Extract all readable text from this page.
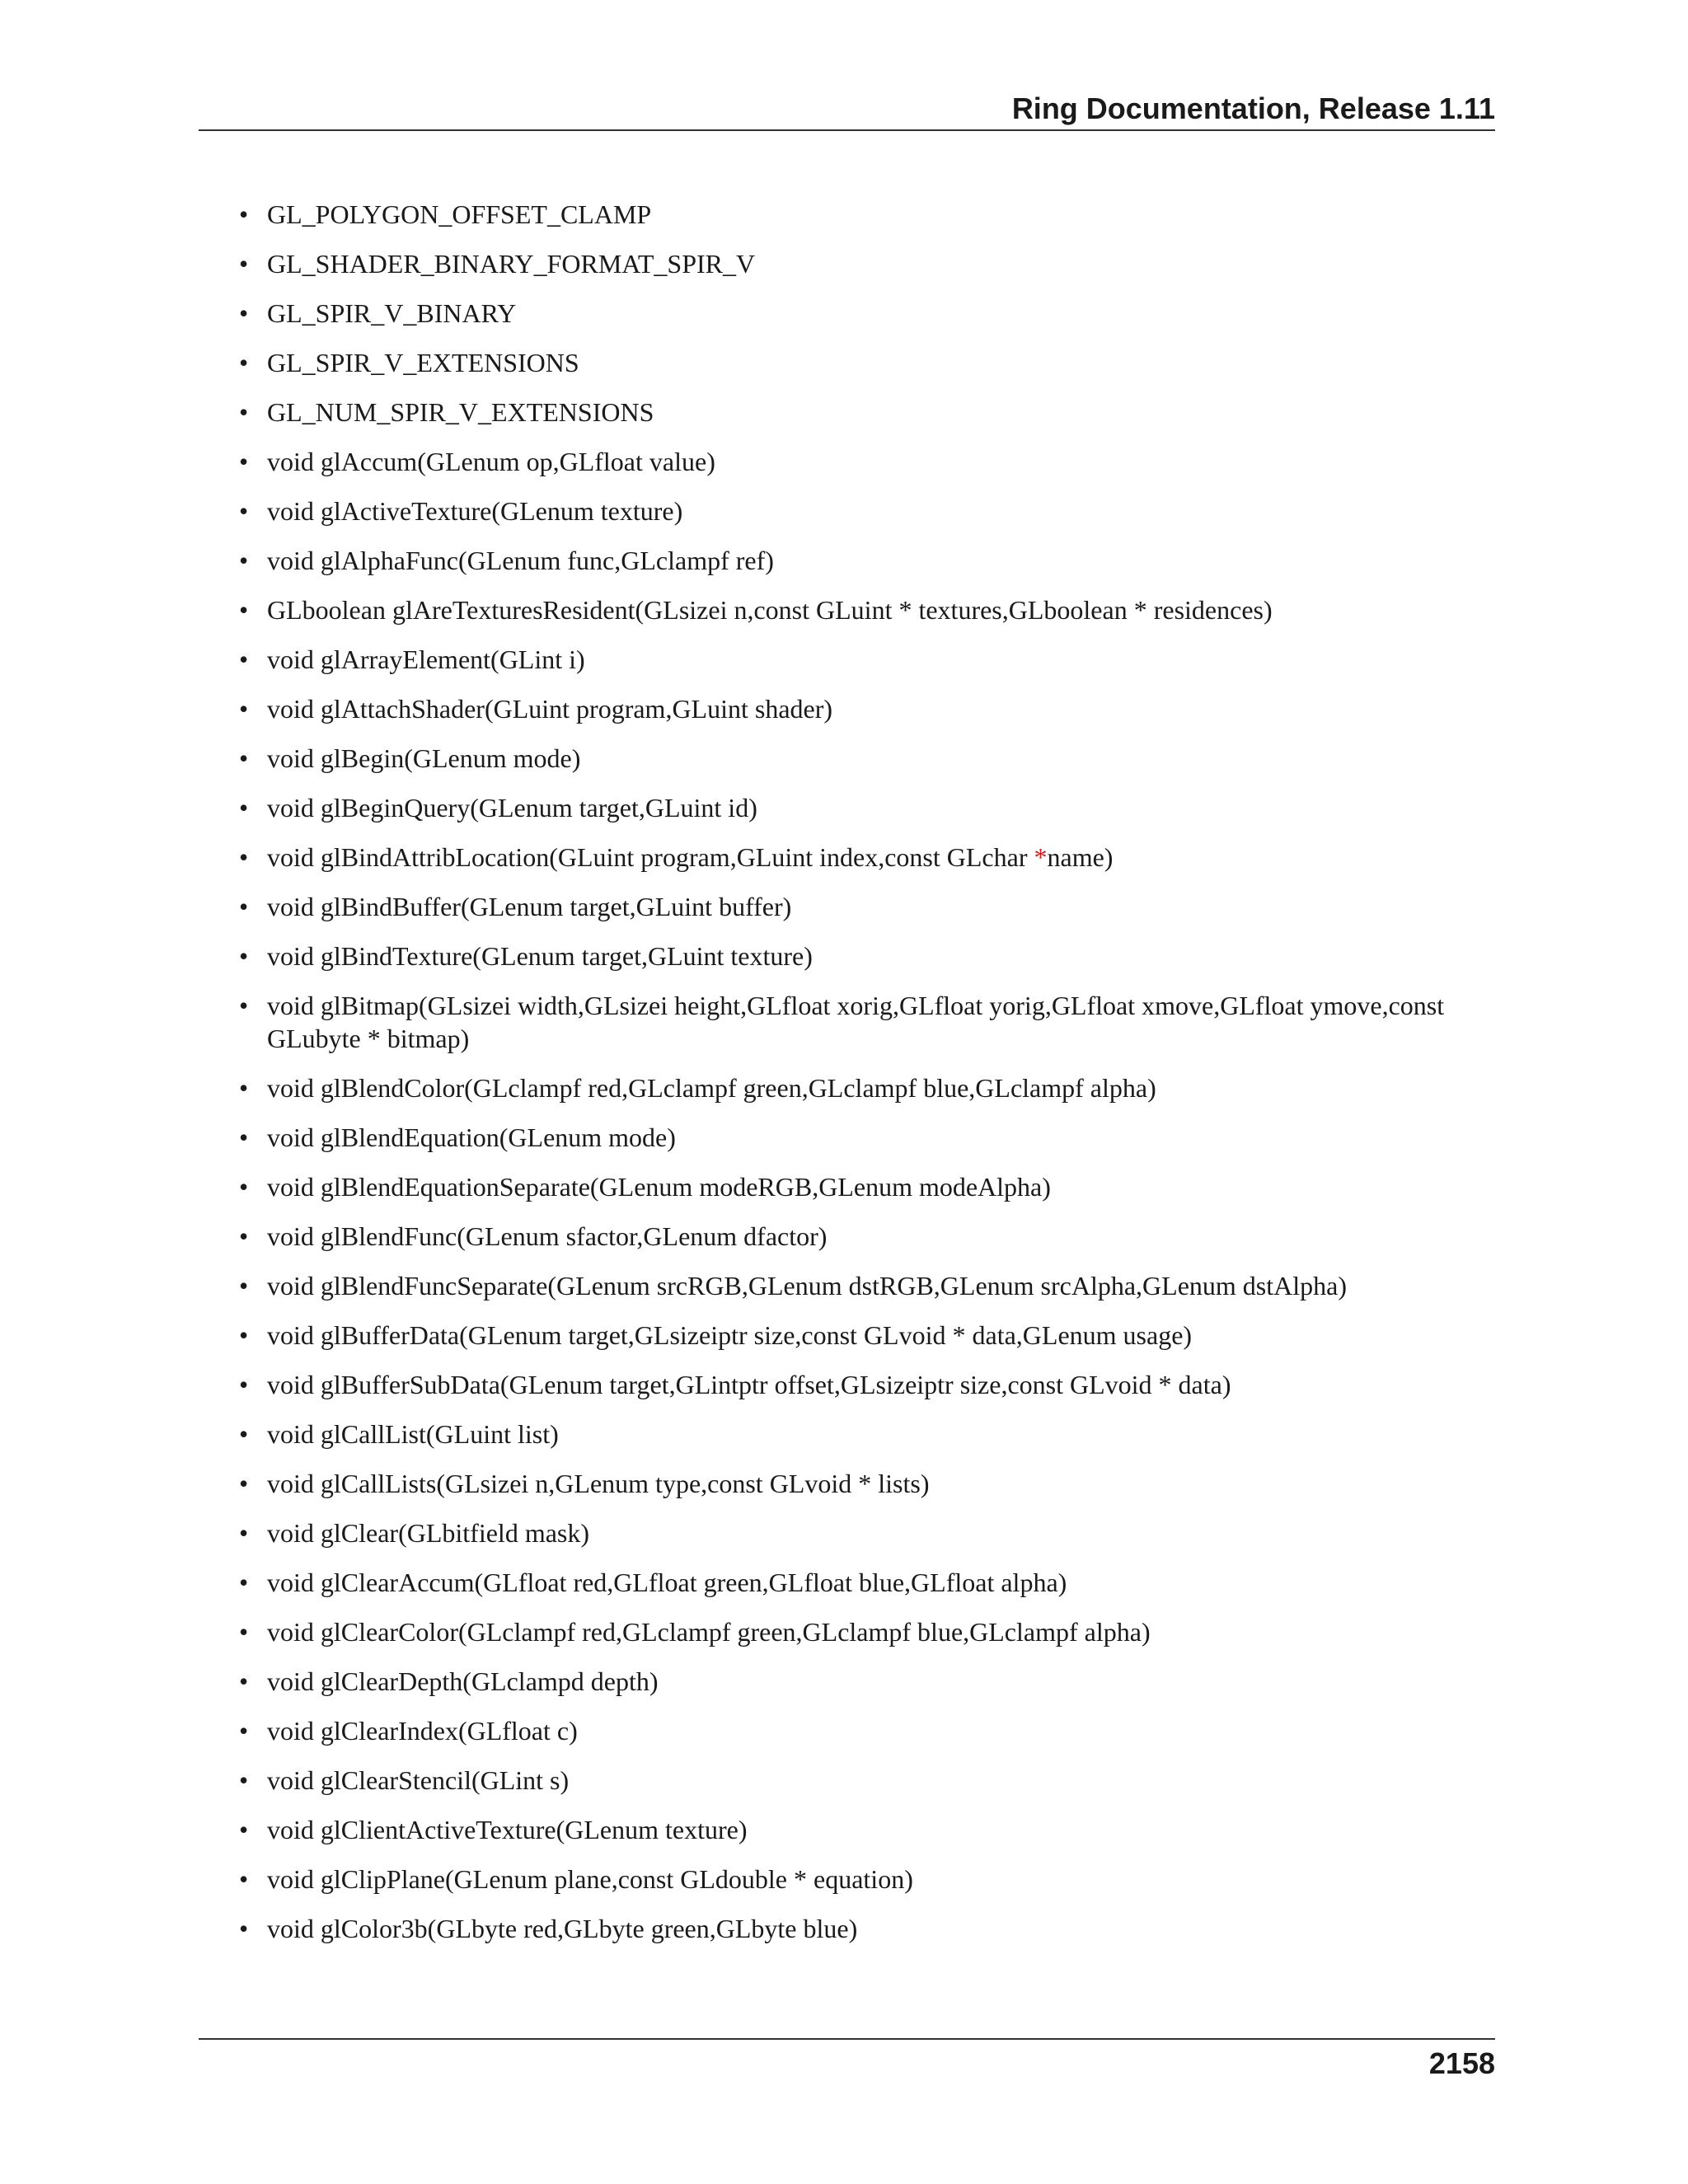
Ring Documentation, Release 1.11
• GL_POLYGON_OFFSET_CLAMP
• GL_SHADER_BINARY_FORMAT_SPIR_V
• GL_SPIR_V_BINARY
• GL_SPIR_V_EXTENSIONS
• GL_NUM_SPIR_V_EXTENSIONS
• void glAccum(GLenum op,GLfloat value)
• void glActiveTexture(GLenum texture)
• void glAlphaFunc(GLenum func,GLclampf ref)
• GLboolean glAreTexturesResident(GLsizei n,const GLuint * textures,GLboolean * residences)
• void glArrayElement(GLint i)
• void glAttachShader(GLuint program,GLuint shader)
• void glBegin(GLenum mode)
• void glBeginQuery(GLenum target,GLuint id)
• void glBindAttribLocation(GLuint program,GLuint index,const GLchar *name)
• void glBindBuffer(GLenum target,GLuint buffer)
• void glBindTexture(GLenum target,GLuint texture)
• void glBitmap(GLsizei width,GLsizei height,GLfloat xorig,GLfloat yorig,GLfloat xmove,GLfloat ymove,const GLubyte * bitmap)
• void glBlendColor(GLclampf red,GLclampf green,GLclampf blue,GLclampf alpha)
• void glBlendEquation(GLenum mode)
• void glBlendEquationSeparate(GLenum modeRGB,GLenum modeAlpha)
• void glBlendFunc(GLenum sfactor,GLenum dfactor)
• void glBlendFuncSeparate(GLenum srcRGB,GLenum dstRGB,GLenum srcAlpha,GLenum dstAlpha)
• void glBufferData(GLenum target,GLsizeiptr size,const GLvoid * data,GLenum usage)
• void glBufferSubData(GLenum target,GLintptr offset,GLsizeiptr size,const GLvoid * data)
• void glCallList(GLuint list)
• void glCallLists(GLsizei n,GLenum type,const GLvoid * lists)
• void glClear(GLbitfield mask)
• void glClearAccum(GLfloat red,GLfloat green,GLfloat blue,GLfloat alpha)
• void glClearColor(GLclampf red,GLclampf green,GLclampf blue,GLclampf alpha)
• void glClearDepth(GLclampd depth)
• void glClearIndex(GLfloat c)
• void glClearStencil(GLint s)
• void glClientActiveTexture(GLenum texture)
• void glClipPlane(GLenum plane,const GLdouble * equation)
• void glColor3b(GLbyte red,GLbyte green,GLbyte blue)
2158
